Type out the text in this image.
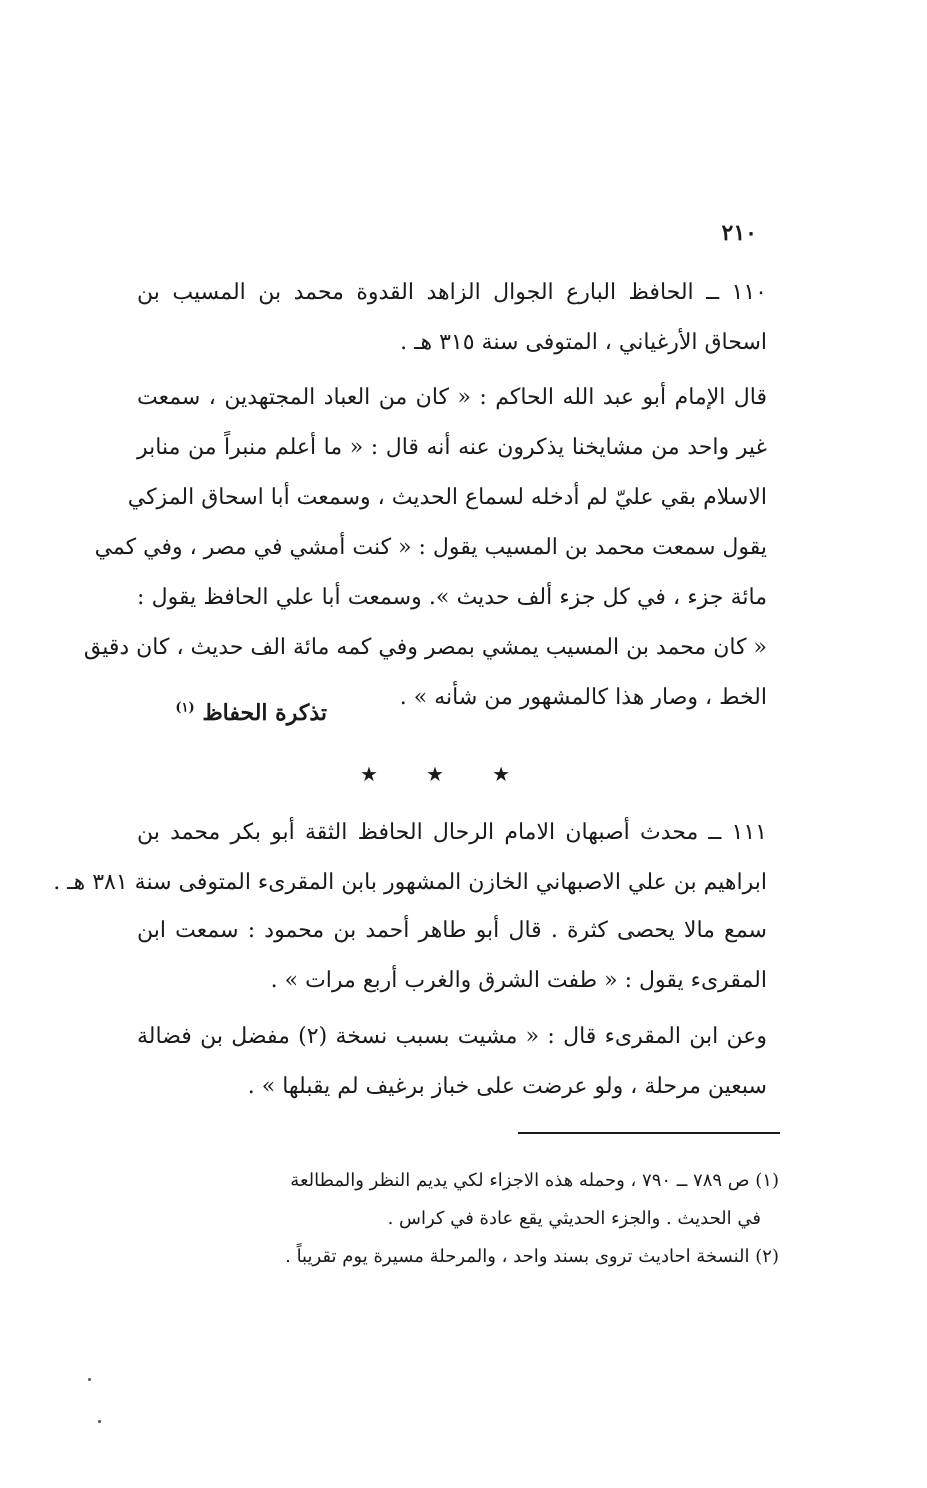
٢١٠
١١٠ ــ الحافظ البارع الجوال الزاهد القدوة محمد بن المسيب بن
اسحاق الأرغياني ، المتوفى سنة ٣١٥ هـ .
قال الإمام أبو عبد الله الحاكم : « كان من العباد المجتهدين ، سمعت
غير واحد من مشايخنا يذكرون عنه أنه قال : « ما أعلم منبراً من منابر
الاسلام بقي عليّ لم أدخله لسماع الحديث ، وسمعت أبا اسحاق المزكي
يقول سمعت محمد بن المسيب يقول : « كنت أمشي في مصر ، وفي كمي
مائة جزء ، في كل جزء ألف حديث ». وسمعت أبا علي الحافظ يقول :
« كان محمد بن المسيب يمشي بمصر وفي كمه مائة الف حديث ، كان دقيق
الخط ، وصار هذا كالمشهور من شأنه » .
تذكرة الحفاظ $^{(١)}$
★ ★ ★
١١١ ــ محدث أصبهان الامام الرحال الحافظ الثقة أبو بكر محمد بن
ابراهيم بن علي الاصبهاني الخازن المشهور بابن المقرىء المتوفى سنة ٣٨١ هـ .
سمع مالا يحصى كثرة . قال أبو طاهر أحمد بن محمود : سمعت ابن
المقرىء يقول : « طفت الشرق والغرب أربع مرات » .
وعن ابن المقرىء قال : « مشيت بسبب نسخة (٢) مفضل بن فضالة
سبعين مرحلة ، ولو عرضت على خباز برغيف لم يقبلها » .
(١) ص ٧٨٩ ــ ٧٩٠ ، وحمله هذه الاجزاء لكي يديم النظر والمطالعة
في الحديث . والجزء الحديثي يقع عادة في كراس .
(٢) النسخة احاديث تروى بسند واحد ، والمرحلة مسيرة يوم تقريباً .
